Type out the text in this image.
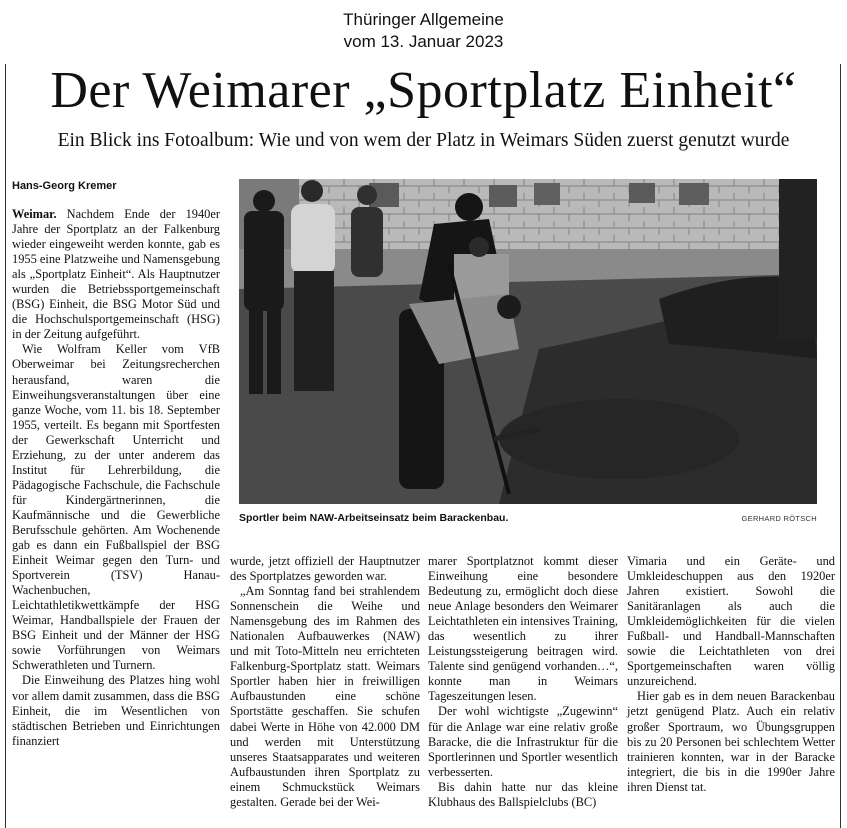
Thüringer Allgemeine
vom 13. Januar 2023
Der Weimarer „Sportplatz Einheit“
Ein Blick ins Fotoalbum: Wie und von wem der Platz in Weimars Süden zuerst genutzt wurde
Hans-Georg Kremer

Weimar. Nachdem Ende der 1940er Jahre der Sportplatz an der Falkenburg wieder eingeweiht werden konnte, gab es 1955 eine Platzweihe und Namensgebung als „Sportplatz Einheit“. Als Hauptnutzer wurden die Betriebssportgemeinschaft (BSG) Einheit, die BSG Motor Süd und die Hochschulsportgemeinschaft (HSG) in der Zeitung aufgeführt.

Wie Wolfram Keller vom VfB Oberweimar bei Zeitungsrecherchen herausfand, waren die Einweihungsveranstaltungen über eine ganze Woche, vom 11. bis 18. September 1955, verteilt. Es begann mit Sportfesten der Gewerkschaft Unterricht und Erziehung, zu der unter anderem das Institut für Lehrerbildung, die Pädagogische Fachschule, die Fachschule für Kindergärtnerinnen, die Kaufmännische und die Gewerbliche Berufsschule gehörten. Am Wochenende gab es dann ein Fußballspiel der BSG Einheit Weimar gegen den Turn- und Sportverein (TSV) Hanau-Wachenbuchen, Leichtathletikwettkämpfe der HSG Weimar, Handballspiele der Frauen der BSG Einheit und der Männer der HSG sowie Vorführungen von Weimars Schwerathleten und Turnern.

Die Einweihung des Platzes hing wohl vor allem damit zusammen, dass die BSG Einheit, die im Wesentlichen von städtischen Betrieben und Einrichtungen finanziert

Sportler beim NAW-Arbeitseinsatz beim Barackenbau.	GERHARD RÖTSCH

wurde, jetzt offiziell der Hauptnutzer des Sportplatzes geworden war.

„Am Sonntag fand bei strahlendem Sonnenschein die Weihe und Namensgebung des im Rahmen des Nationalen Aufbauwerkes (NAW) und mit Toto-Mitteln neu errichteten Falkenburg-Sportplatz statt. Weimars Sportler haben hier in freiwilligen Aufbaustunden eine schöne Sportstätte geschaffen. Sie schufen dabei Werte in Höhe von 42.000 DM und werden mit Unterstützung unseres Staatsapparates und weiteren Aufbaustunden ihren Sportplatz zu einem Schmuckstück Weimars gestalten. Gerade bei der Wei-

marer Sportplatznot kommt dieser Einweihung eine besondere Bedeutung zu, ermöglicht doch diese neue Anlage besonders den Weimarer Leichtathleten ein intensives Training, das wesentlich zu ihrer Leistungssteigerung beitragen wird. Talente sind genügend vorhanden…“, konnte man in Weimars Tageszeitungen lesen.

Der wohl wichtigste „Zugewinn“ für die Anlage war eine relativ große Baracke, die die Infrastruktur für die Sportlerinnen und Sportler wesentlich verbesserten.

Bis dahin hatte nur das kleine Klubhaus des Ballspielclubs (BC)

Vimaria und ein Geräte- und Umkleideschuppen aus den 1920er Jahren existiert. Sowohl die Sanitäranlagen als auch die Umkleidemöglichkeiten für die vielen Fußball- und Handball-Mannschaften sowie die Leichtathleten von drei Sportgemeinschaften waren völlig unzureichend.

Hier gab es in dem neuen Barackenbau jetzt genügend Platz. Auch ein relativ großer Sportraum, wo Übungsgruppen bis zu 20 Personen bei schlechtem Wetter trainieren konnten, war in der Baracke integriert, die bis in die 1990er Jahre ihren Dienst tat.
